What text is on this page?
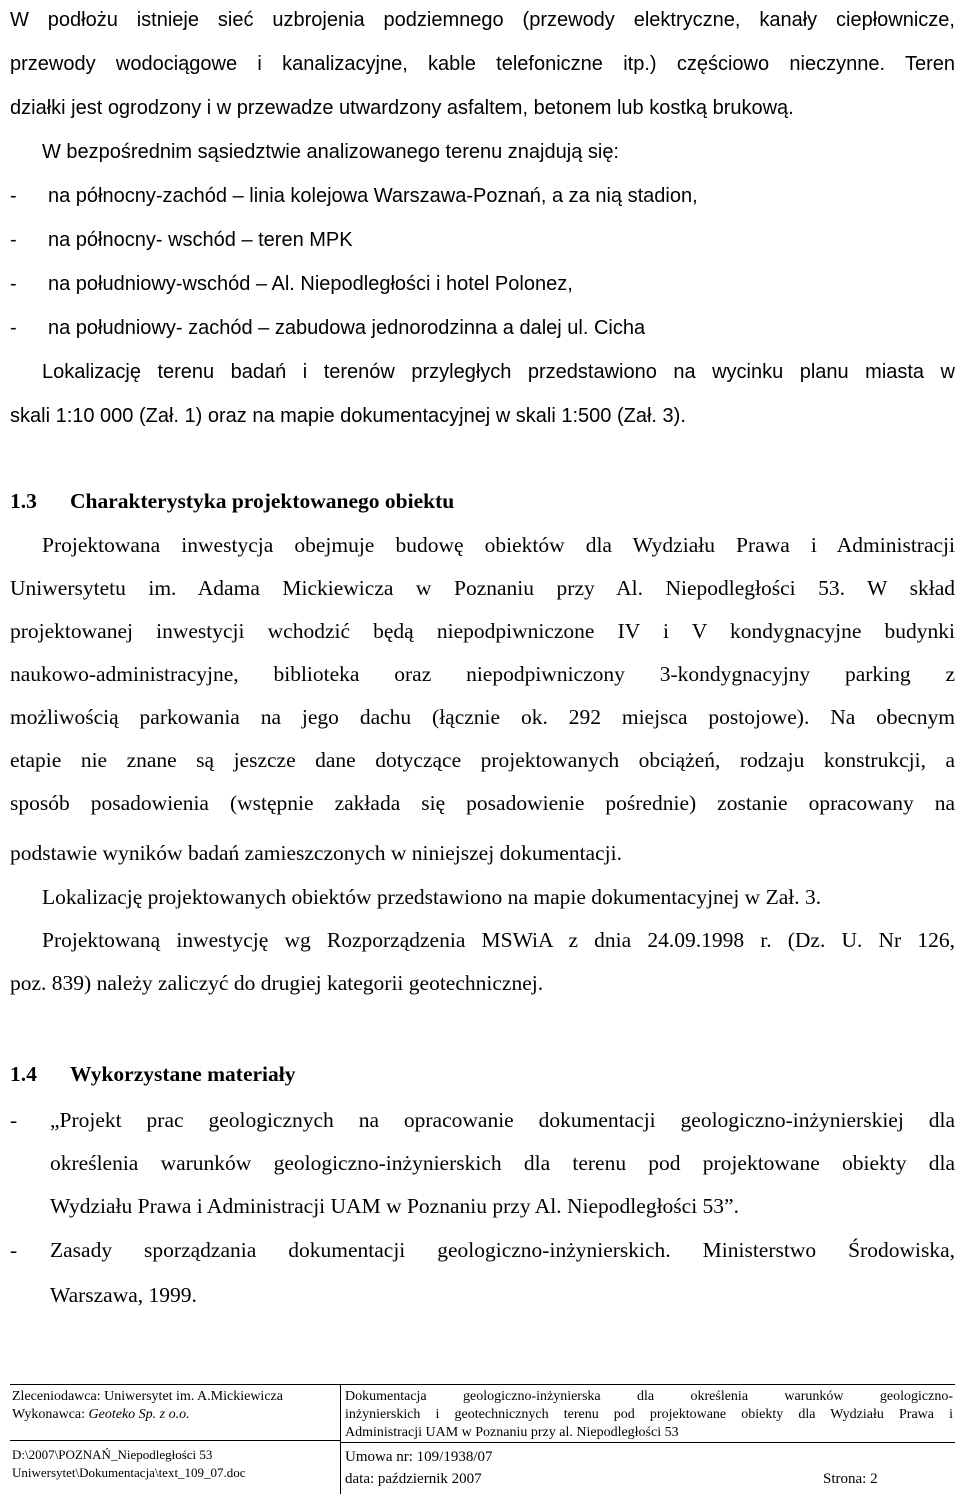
W podłożu istnieje sieć uzbrojenia podziemnego (przewody elektryczne, kanały ciepłownicze,
przewody wodociągowe i kanalizacyjne, kable telefoniczne itp.) częściowo nieczynne. Teren
działki jest ogrodzony i w przewadze utwardzony asfaltem, betonem lub kostką brukową.
W bezpośrednim sąsiedztwie analizowanego terenu znajdują się:
- na północny-zachód – linia kolejowa Warszawa-Poznań, a za nią stadion,
- na północny- wschód – teren MPK
- na południowy-wschód – Al. Niepodległości i hotel Polonez,
- na południowy- zachód – zabudowa jednorodzinna a dalej ul. Cicha
Lokalizację terenu badań i terenów przyległych przedstawiono na wycinku planu miasta w
skali 1:10 000 (Zał. 1) oraz na mapie dokumentacyjnej w skali 1:500 (Zał. 3).
1.3 Charakterystyka projektowanego obiektu
Projektowana inwestycja obejmuje budowę obiektów dla Wydziału Prawa i Administracji
Uniwersytetu im. Adama Mickiewicza w Poznaniu przy Al. Niepodległości 53. W skład
projektowanej inwestycji wchodzić będą niepodpiwniczone IV i V kondygnacyjne budynki
naukowo-administracyjne, biblioteka oraz niepodpiwniczony 3-kondygnacyjny parking z
możliwością parkowania na jego dachu (łącznie ok. 292 miejsca postojowe). Na obecnym
etapie nie znane są jeszcze dane dotyczące projektowanych obciążeń, rodzaju konstrukcji, a
sposób posadowienia (wstępnie zakłada się posadowienie pośrednie) zostanie opracowany na
podstawie wyników badań zamieszczonych w niniejszej dokumentacji.
Lokalizację projektowanych obiektów przedstawiono na mapie dokumentacyjnej w Zał. 3.
Projektowaną inwestycję wg Rozporządzenia MSWiA z dnia 24.09.1998 r. (Dz. U. Nr 126,
poz. 839) należy zaliczyć do drugiej kategorii geotechnicznej.
1.4 Wykorzystane materiały
- „Projekt prac geologicznych na opracowanie dokumentacji geologiczno-inżynierskiej dla
określenia warunków geologiczno-inżynierskich dla terenu pod projektowane obiekty dla
Wydziału Prawa i Administracji UAM w Poznaniu przy Al. Niepodległości 53”.
- Zasady sporządzania dokumentacji geologiczno-inżynierskich. Ministerstwo Środowiska,
Warszawa, 1999.
Zleceniodawca: Uniwersytet im. A.Mickiewicza
Wykonawca: Geoteko Sp. z o.o.
D:\2007\POZNAŃ_Niepodległości 53
Uniwersytet\Dokumentacja\text_109_07.doc
Dokumentacja geologiczno-inżynierska dla określenia warunków geologiczno-
inżynierskich i geotechnicznych terenu pod projektowane obiekty dla Wydziału Prawa i
Administracji UAM w Poznaniu przy al. Niepodległości 53
Umowa nr: 109/1938/07
data: październik 2007	Strona: 2
